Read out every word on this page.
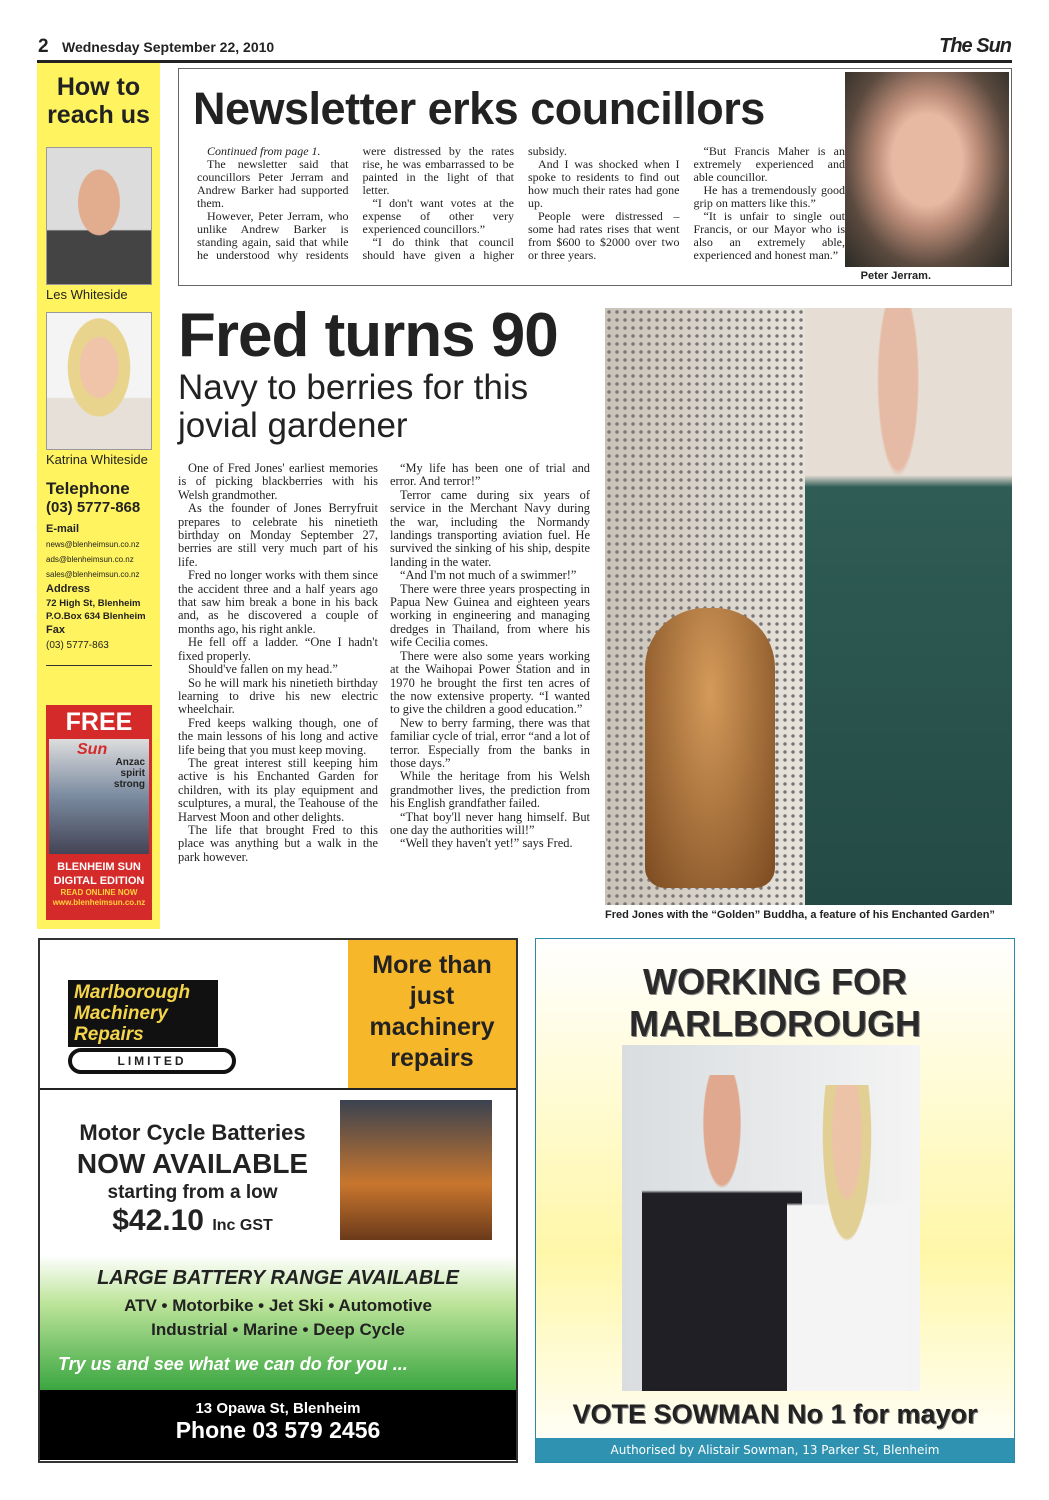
2 Wednesday September 22, 2010	The Sun
How to reach us
Les Whiteside
Katrina Whiteside
Telephone
(03) 5777-868
E-mail
news@blenheimsun.co.nz
ads@blenheimsun.co.nz
sales@blenheimsun.co.nz
Address
72 High St, Blenheim
P.O.Box 634 Blenheim
Fax
(03) 5777-863
FREE
Sun
Anzac spirit strong
BLENHEIM SUN
DIGITAL EDITION
READ ONLINE NOW
www.blenheimsun.co.nz
Newsletter erks councillors

Continued from page 1.

The newsletter said that councillors Peter Jerram and Andrew Barker had supported them.

However, Peter Jerram, who unlike Andrew Barker is standing again, said that while he understood why residents were distressed by the rates rise, he was embarrassed to be painted in the light of that letter.

“I don't want votes at the expense of other very experienced councillors.”

“I do think that council should have given a higher subsidy.

And I was shocked when I spoke to residents to find out how much their rates had gone up.

People were distressed – some had rates rises that went from $600 to $2000 over two or three years.

“But Francis Maher is an extremely experienced and able councillor.

He has a tremendously good grip on matters like this.”

“It is unfair to single out Francis, or our Mayor who is also an extremely able, experienced and honest man.”

Peter Jerram.
Fred turns 90
Navy to berries for this jovial gardener

One of Fred Jones' earliest memories is of picking blackberries with his Welsh grandmother.

As the founder of Jones Berryfruit prepares to celebrate his ninetieth birthday on Monday September 27, berries are still very much part of his life.

Fred no longer works with them since the accident three and a half years ago that saw him break a bone in his back and, as he discovered a couple of months ago, his right ankle.

He fell off a ladder. “One I hadn't fixed properly.

Should've fallen on my head.”

So he will mark his ninetieth birthday learning to drive his new electric wheelchair.

Fred keeps walking though, one of the main lessons of his long and active life being that you must keep moving.

The great interest still keeping him active is his Enchanted Garden for children, with its play equipment and sculptures, a mural, the Teahouse of the Harvest Moon and other delights.

The life that brought Fred to this place was anything but a walk in the park however.

“My life has been one of trial and error. And terror!”

Terror came during six years of service in the Merchant Navy during the war, including the Normandy landings transporting aviation fuel. He survived the sinking of his ship, despite landing in the water.

“And I'm not much of a swimmer!”

There were three years prospecting in Papua New Guinea and eighteen years working in engineering and managing dredges in Thailand, from where his wife Cecilia comes.

There were also some years working at the Waihopai Power Station and in 1970 he brought the first ten acres of the now extensive property. “I wanted to give the children a good education.”

New to berry farming, there was that familiar cycle of trial, error “and a lot of terror. Especially from the banks in those days.”

While the heritage from his Welsh grandmother lives, the prediction from his English grandfather failed.

“That boy'll never hang himself. But one day the authorities will!”

“Well they haven't yet!” says Fred.

Fred Jones with the “Golden” Buddha, a feature of his Enchanted Garden”
Marlborough Machinery Repairs
LIMITED
More than just machinery repairs
Motor Cycle Batteries
NOW AVAILABLE
starting from a low
$42.10 Inc GST
LARGE BATTERY RANGE AVAILABLE
ATV • Motorbike • Jet Ski • Automotive
Industrial • Marine • Deep Cycle
Try us and see what we can do for you ...
13 Opawa St, Blenheim
Phone 03 579 2456
WORKING FOR
MARLBOROUGH
VOTE SOWMAN No 1 for mayor
Authorised by Alistair Sowman, 13 Parker St, Blenheim
